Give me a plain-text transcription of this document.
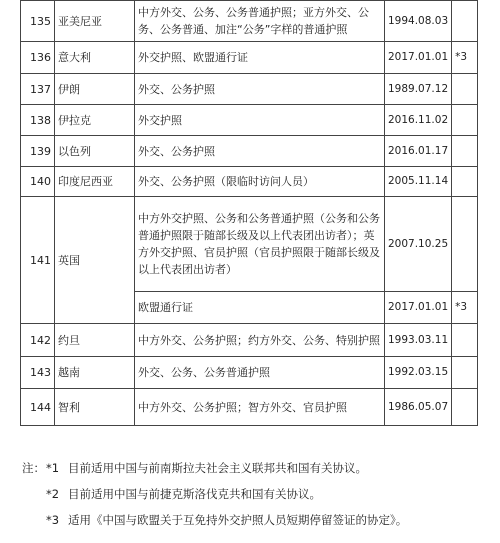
135	亚美尼亚	中方外交、公务、公务普通护照；亚方外交、公务、公务普通、加注“公务”字样的普通护照	1994.08.03	
136	意大利	外交护照、欧盟通行证	2017.01.01	*3
137	伊朗	外交、公务护照	1989.07.12	
138	伊拉克	外交护照	2016.11.02	
139	以色列	外交、公务护照	2016.01.17	
140	印度尼西亚	外交、公务护照（限临时访问人员）	2005.11.14	
141	英国	中方外交护照、公务和公务普通护照（公务和公务普通护照限于随部长级及以上代表团出访者）；英方外交护照、官员护照（官员护照限于随部长级及以上代表团出访者）	2007.10.25	
		欧盟通行证	2017.01.01	*3
142	约旦	中方外交、公务护照；约方外交、公务、特别护照	1993.03.11	
143	越南	外交、公务、公务普通护照	1992.03.15	
144	智利	中方外交、公务护照；智方外交、官员护照	1986.05.07	
注：*1 目前适用中国与前南斯拉夫社会主义联邦共和国有关协议。
*2 目前适用中国与前捷克斯洛伐克共和国有关协议。
*3 适用《中国与欧盟关于互免持外交护照人员短期停留签证的协定》。
